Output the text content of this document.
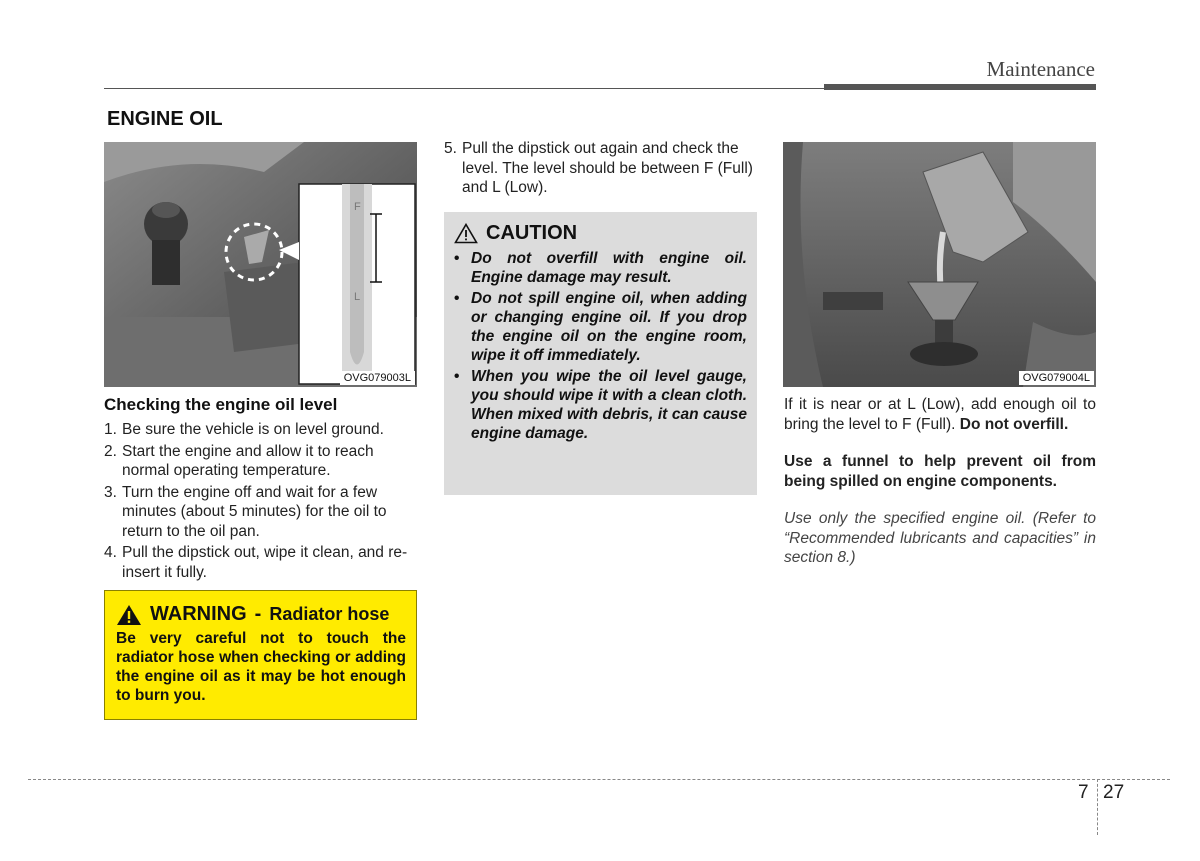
Maintenance
ENGINE OIL
F
L
OVG079003L	OVG079004L
Checking the engine oil level
1. Be sure the vehicle is on level ground.
2. Start the engine and allow it to reach normal operating temperature.
3. Turn the engine off and wait for a few minutes (about 5 minutes) for the oil to return to the oil pan.
4. Pull the dipstick out, wipe it clean, and re-insert it fully.
WARNING - Radiator hose
Be very careful not to touch the radiator hose when checking or adding the engine oil as it may be hot enough to burn you.
5. Pull the dipstick out again and check the level. The level should be between F (Full) and L (Low).
CAUTION
• Do not overfill with engine oil. Engine damage may result.
• Do not spill engine oil, when adding or changing engine oil. If you drop the engine oil on the engine room, wipe it off immediately.
• When you wipe the oil level gauge, you should wipe it with a clean cloth. When mixed with debris, it can cause engine damage.

If it is near or at L (Low), add enough oil to bring the level to F (Full). Do not overfill.

Use a funnel to help prevent oil from being spilled on engine components.

Use only the specified engine oil. (Refer to “Recommended lubricants and capacities” in section 8.)

7 27
